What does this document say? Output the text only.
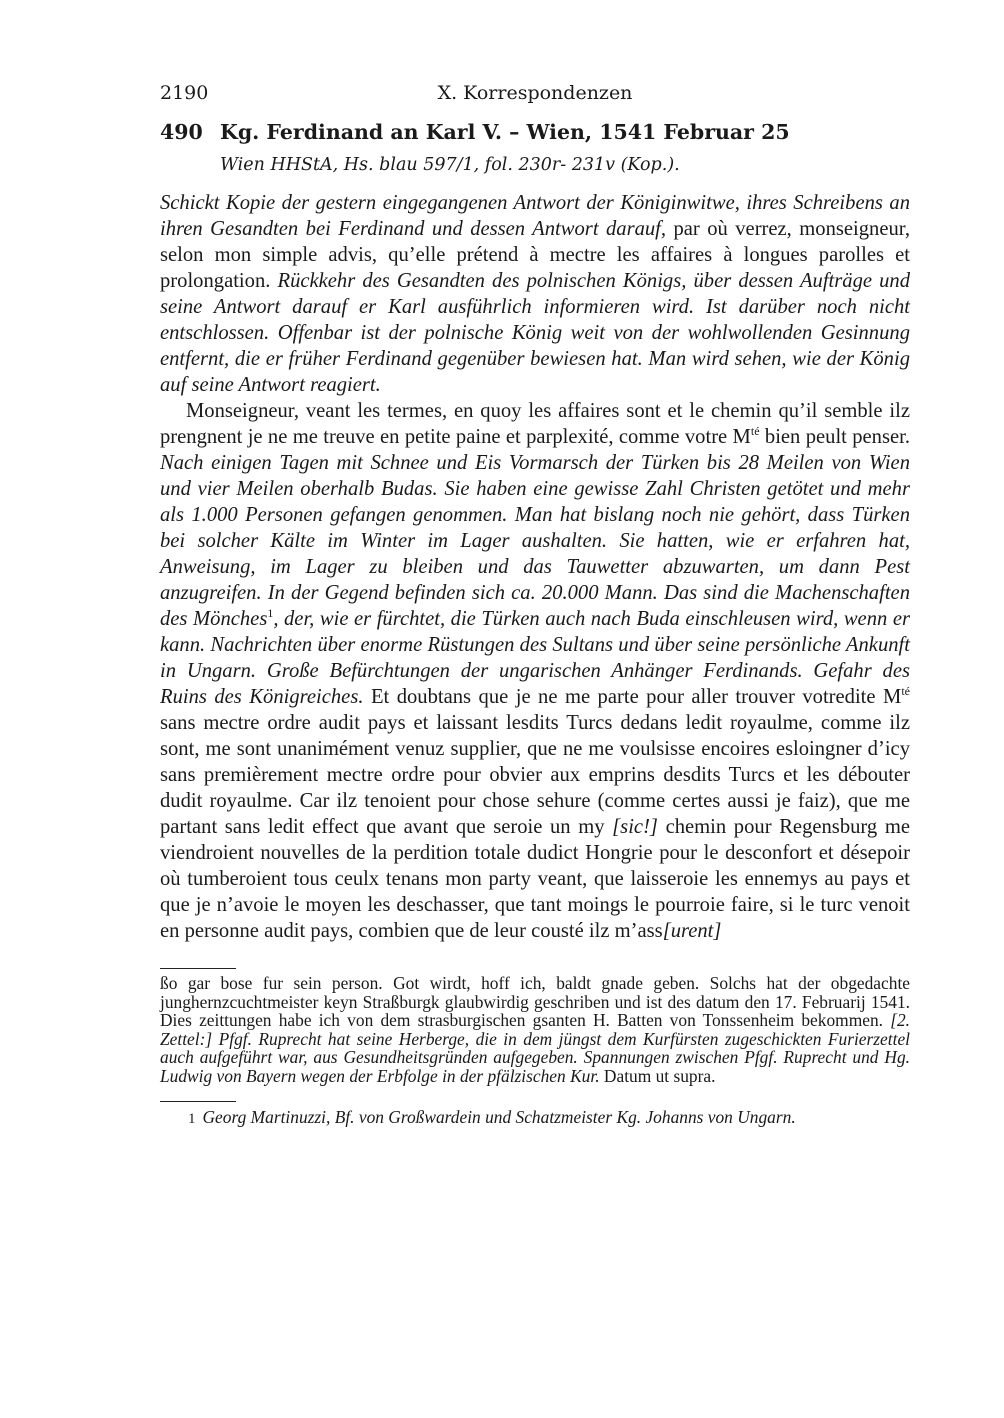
2190	X. Korrespondenzen
490 Kg. Ferdinand an Karl V. – Wien, 1541 Februar 25
Wien HHStA, Hs. blau 597/1, fol. 230r- 231v (Kop.).

Schickt Kopie der gestern eingegangenen Antwort der Königinwitwe, ihres Schreibens an ihren Gesandten bei Ferdinand und dessen Antwort darauf, par où verrez, monseigneur, selon mon simple advis, qu’elle prétend à mectre les affaires à longues parolles et prolongation. Rückkehr des Gesandten des polnischen Königs, über dessen Aufträge und seine Antwort darauf er Karl ausführlich informieren wird. Ist darüber noch nicht entschlossen. Offenbar ist der polnische König weit von der wohlwollenden Gesinnung entfernt, die er früher Ferdinand gegenüber bewiesen hat. Man wird sehen, wie der König auf seine Antwort reagiert.

Monseigneur, veant les termes, en quoy les affaires sont et le chemin qu’il semble ilz prengnent je ne me treuve en petite paine et parplexité, comme votre $M^{té}$ bien peult penser. Nach einigen Tagen mit Schnee und Eis Vormarsch der Türken bis 28 Meilen von Wien und vier Meilen oberhalb Budas. Sie haben eine gewisse Zahl Christen getötet und mehr als 1.000 Personen gefangen genommen. Man hat bislang noch nie gehört, dass Türken bei solcher Kälte im Winter im Lager aushalten. Sie hatten, wie er erfahren hat, Anweisung, im Lager zu bleiben und das Tauwetter abzuwarten, um dann Pest anzugreifen. In der Gegend befinden sich ca. 20.000 Mann. Das sind die Machenschaften des Mönches$^1$, der, wie er fürchtet, die Türken auch nach Buda einschleusen wird, wenn er kann. Nachrichten über enorme Rüstungen des Sultans und über seine persönliche Ankunft in Ungarn. Große Befürchtungen der ungarischen Anhänger Ferdinands. Gefahr des Ruins des Königreiches. Et doubtans que je ne me parte pour aller trouver votredite $M^{té}$ sans mectre ordre audit pays et laissant lesdits Turcs dedans ledit royaulme, comme ilz sont, me sont unanimément venuz supplier, que ne me voulsisse encoires esloingner d’icy sans premièrement mectre ordre pour obvier aux emprins desdits Turcs et les débouter dudit royaulme. Car ilz tenoient pour chose sehure (comme certes aussi je faiz), que me partant sans ledit effect que avant que seroie un my [sic!] chemin pour Regensburg me viendroient nouvelles de la perdition totale dudict Hongrie pour le desconfort et désepoir où tumberoient tous ceulx tenans mon party veant, que laisseroie les ennemys au pays et que je n’avoie le moyen les deschasser, que tant moings le pourroie faire, si le turc venoit en personne audit pays, combien que de leur cousté ilz m’ass[urent]

ßo gar bose fur sein person. Got wirdt, hoff ich, baldt gnade geben. Solchs hat der obgedachte junghernzcuchtmeister keyn Straßburgk glaubwirdig geschriben und ist des datum den 17. Februarij 1541. Dies zeittungen habe ich von dem strasburgischen gsanten H. Batten von Tonssenheim bekommen. [2. Zettel:] Pfgf. Ruprecht hat seine Herberge, die in dem jüngst dem Kurfürsten zugeschickten Furierzettel auch aufgeführt war, aus Gesundheitsgründen aufgegeben. Spannungen zwischen Pfgf. Ruprecht und Hg. Ludwig von Bayern wegen der Erbfolge in der pfälzischen Kur. Datum ut supra.
1 Georg Martinuzzi, Bf. von Großwardein und Schatzmeister Kg. Johanns von Ungarn.
